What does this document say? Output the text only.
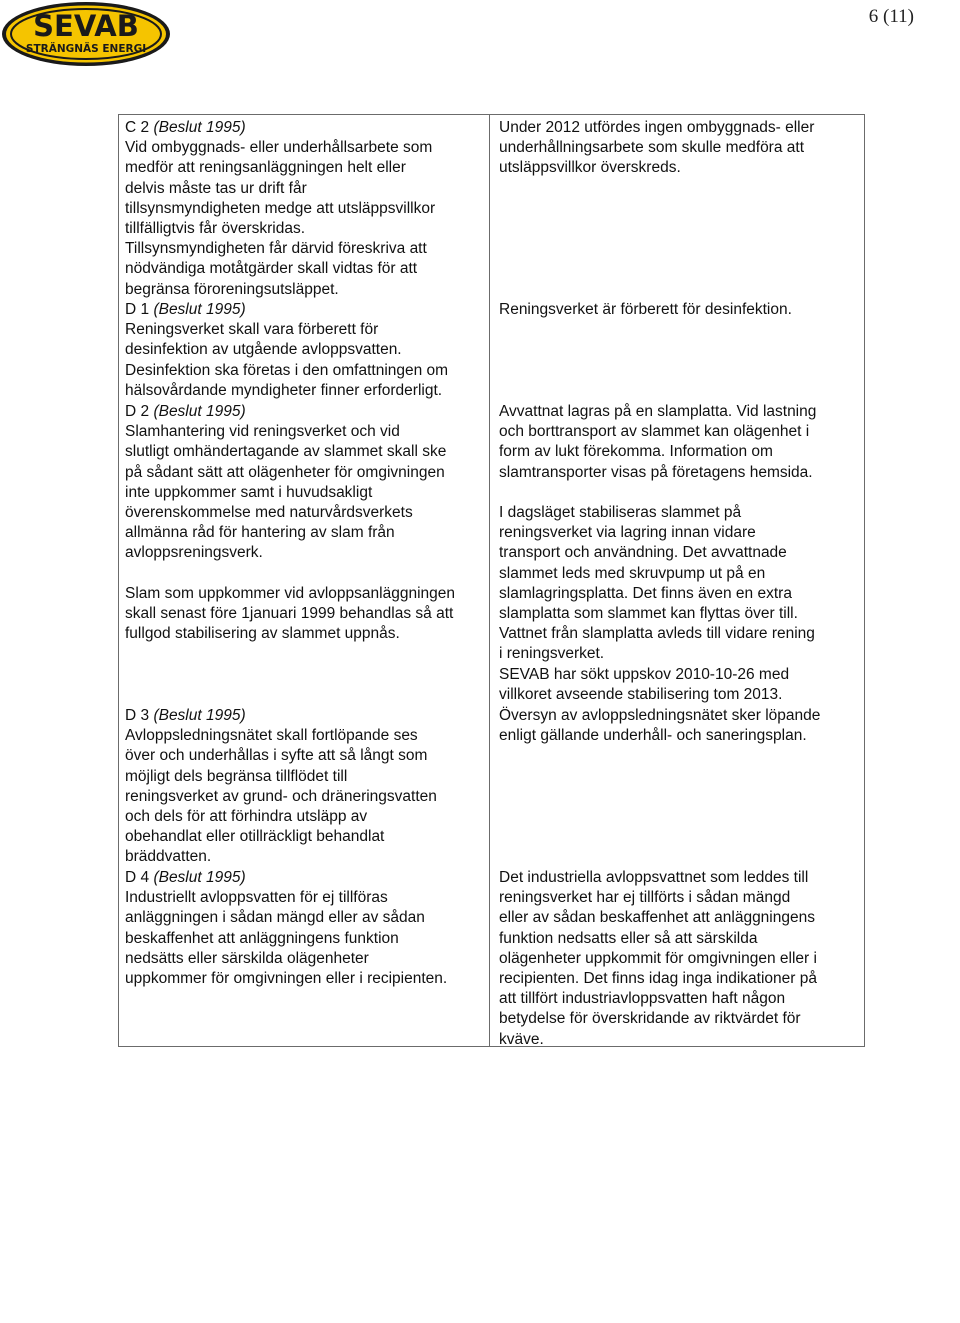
SEVAB
STRÄNGNÄS ENERGI
6 (11)

C 2 (Beslut 1995)

Vid ombyggnads- eller underhållsarbete som

medför att reningsanläggningen helt eller

delvis måste tas ur drift får

tillsynsmyndigheten medge att utsläppsvillkor

tillfälligtvis får överskridas.

Tillsynsmyndigheten får därvid föreskriva att

nödvändiga motåtgärder skall vidtas för att

begränsa föroreningsutsläppet.

Under 2012 utfördes ingen ombyggnads- eller

underhållningsarbete som skulle medföra att

utsläppsvillkor överskreds.

D 1 (Beslut 1995)

Reningsverket skall vara förberett för

desinfektion av utgående avloppsvatten.

Desinfektion ska företas i den omfattningen om

hälsovårdande myndigheter finner erforderligt.

Reningsverket är förberett för desinfektion.

D 2 (Beslut 1995)

Slamhantering vid reningsverket och vid

slutligt omhändertagande av slammet skall ske

på sådant sätt att olägenheter för omgivningen

inte uppkommer samt i huvudsakligt

överenskommelse med naturvårdsverkets

allmänna råd för hantering av slam från

avloppsreningsverk.

Slam som uppkommer vid avloppsanläggningen

skall senast före 1januari 1999 behandlas så att

fullgod stabilisering av slammet uppnås.

Avvattnat lagras på en slamplatta. Vid lastning

och borttransport av slammet kan olägenhet i

form av lukt förekomma. Information om

slamtransporter visas på företagens hemsida.

I dagsläget stabiliseras slammet på

reningsverket via lagring innan vidare

transport och användning. Det avvattnade

slammet leds med skruvpump ut på en

slamlagringsplatta. Det finns även en extra

slamplatta som slammet kan flyttas över till.

Vattnet från slamplatta avleds till vidare rening

i reningsverket.

SEVAB har sökt uppskov 2010-10-26 med

villkoret avseende stabilisering tom 2013.

D 3 (Beslut 1995)

Avloppsledningsnätet skall fortlöpande ses

över och underhållas i syfte att så långt som

möjligt dels begränsa tillflödet till

reningsverket av grund- och dräneringsvatten

och dels för att förhindra utsläpp av

obehandlat eller otillräckligt behandlat

bräddvatten.

Översyn av avloppsledningsnätet sker löpande

enligt gällande underhåll- och saneringsplan.

D 4 (Beslut 1995)

Industriellt avloppsvatten för ej tillföras

anläggningen i sådan mängd eller av sådan

beskaffenhet att anläggningens funktion

nedsätts eller särskilda olägenheter

uppkommer för omgivningen eller i recipienten.

Det industriella avloppsvattnet som leddes till

reningsverket har ej tillförts i sådan mängd

eller av sådan beskaffenhet att anläggningens

funktion nedsatts eller så att särskilda

olägenheter uppkommit för omgivningen eller i

recipienten. Det finns idag inga indikationer på

att tillfört industriavloppsvatten haft någon

betydelse för överskridande av riktvärdet för

kväve.
